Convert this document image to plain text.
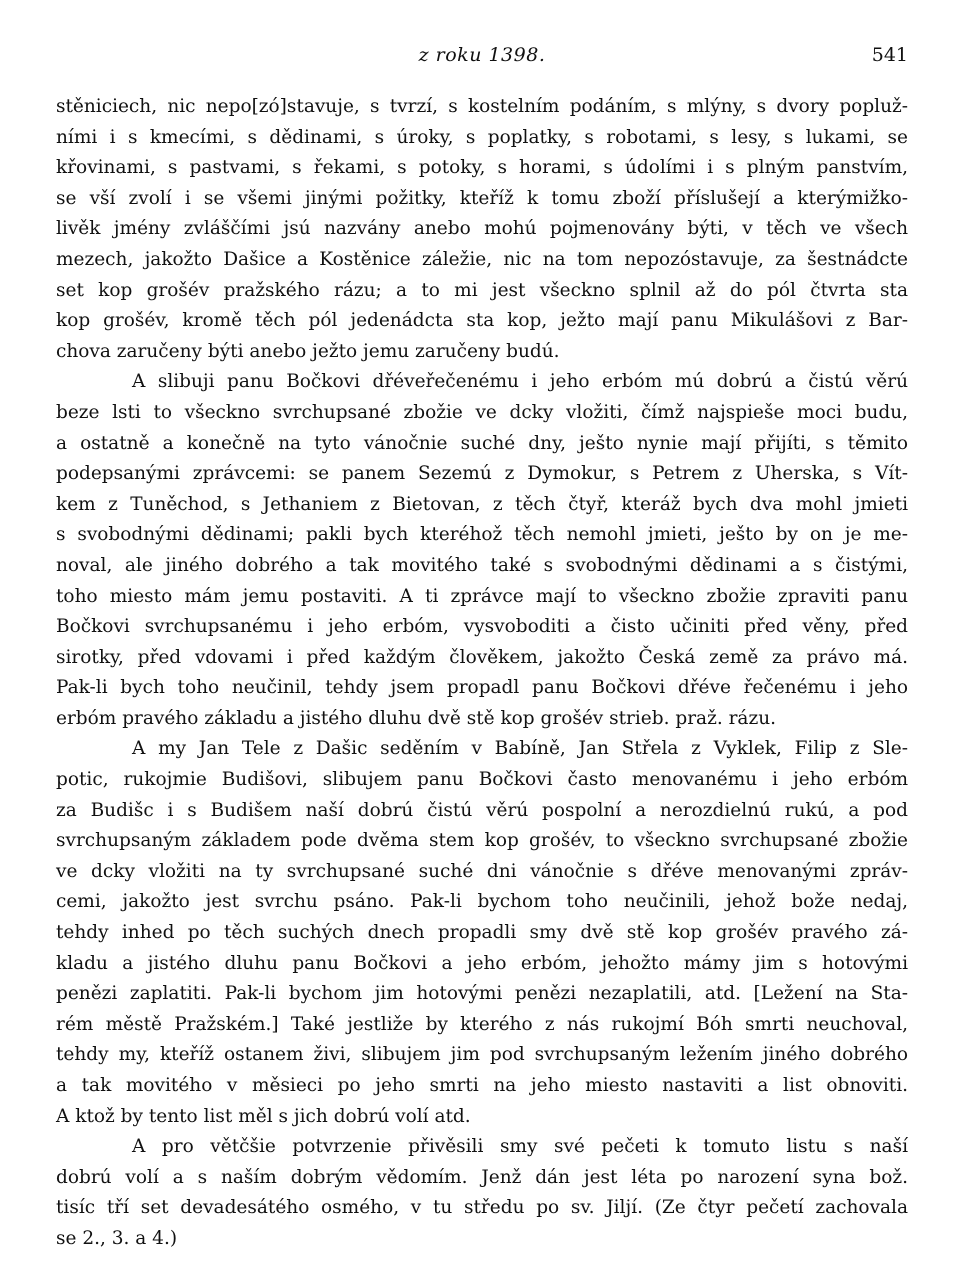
z roku 1398.	541
stěniciech, nic nepo[zó]stavuje, s tvrzí, s kostelním podáním, s mlýny, s dvory popluž-
ními i s kmecími, s dědinami, s úroky, s poplatky, s robotami, s lesy, s lukami, se
křovinami, s pastvami, s řekami, s potoky, s horami, s údolími i s plným panstvím,
se vší zvolí i se všemi jinými požitky, kteříž k tomu zboží příslušejí a kterýmižko-
livěk jmény zvláščími jsú nazvány anebo mohú pojmenovány býti, v těch ve všech
mezech, jakožto Dašice a Kostěnice záležie, nic na tom nepozóstavuje, za šestnádcte
set kop grošév pražského rázu; a to mi jest všeckno splnil až do pól čtvrta sta
kop grošév, kromě těch pól jedenádcta sta kop, ježto mají panu Mikulášovi z Bar-
chova zaručeny býti anebo ježto jemu zaručeny budú.
A slibuji panu Bočkovi dřéveřečenému i jeho erbóm mú dobrú a čistú věrú
beze lsti to všeckno svrchupsané zbožie ve dcky vložiti, čímž najspieše moci budu,
a ostatně a konečně na tyto vánočnie suché dny, ješto nynie mají přijíti, s těmito
podepsanými zprávcemi: se panem Sezemú z Dymokur, s Petrem z Uherska, s Vít-
kem z Tuněchod, s Jethaniem z Bietovan, z těch čtyř, kteráž bych dva mohl jmieti
s svobodnými dědinami; pakli bych kteréhož těch nemohl jmieti, ješto by on je me-
noval, ale jiného dobrého a tak movitého také s svobodnými dědinami a s čistými,
toho miesto mám jemu postaviti. A ti zprávce mají to všeckno zbožie zpraviti panu
Bočkovi svrchupsanému i jeho erbóm, vysvoboditi a čisto učiniti před věny, před
sirotky, před vdovami i před každým člověkem, jakožto Česká země za právo má.
Pak-li bych toho neučinil, tehdy jsem propadl panu Bočkovi dřéve řečenému i jeho
erbóm pravého základu a jistého dluhu dvě stě kop grošév strieb. praž. rázu.
A my Jan Tele z Dašic seděním v Babíně, Jan Střela z Vyklek, Filip z Sle-
potic, rukojmie Budišovi, slibujem panu Bočkovi často menovanému i jeho erbóm
za Budišc i s Budišem naší dobrú čistú věrú pospolní a nerozdielnú rukú, a pod
svrchupsaným základem pode dvěma stem kop grošév, to všeckno svrchupsané zbožie
ve dcky vložiti na ty svrchupsané suché dni vánočnie s dřéve menovanými zpráv-
cemi, jakožto jest svrchu psáno. Pak-li bychom toho neučinili, jehož bože nedaj,
tehdy inhed po těch suchých dnech propadli smy dvě stě kop grošév pravého zá-
kladu a jistého dluhu panu Bočkovi a jeho erbóm, jehožto mámy jim s hotovými
penězi zaplatiti. Pak-li bychom jim hotovými penězi nezaplatili, atd. [Ležení na Sta-
rém městě Pražském.] Také jestliže by kterého z nás rukojmí Bóh smrti neuchoval,
tehdy my, kteříž ostanem živi, slibujem jim pod svrchupsaným ležením jiného dobrého
a tak movitého v měsieci po jeho smrti na jeho miesto nastaviti a list obnoviti.
A ktož by tento list měl s jich dobrú volí atd.
A pro větčšie potvrzenie přivěsili smy své pečeti k tomuto listu s naší
dobrú volí a s naším dobrým vědomím. Jenž dán jest léta po narození syna bož.
tisíc tří set devadesátého osmého, v tu středu po sv. Jiljí. (Ze čtyr pečetí zachovala
se 2., 3. a 4.)
